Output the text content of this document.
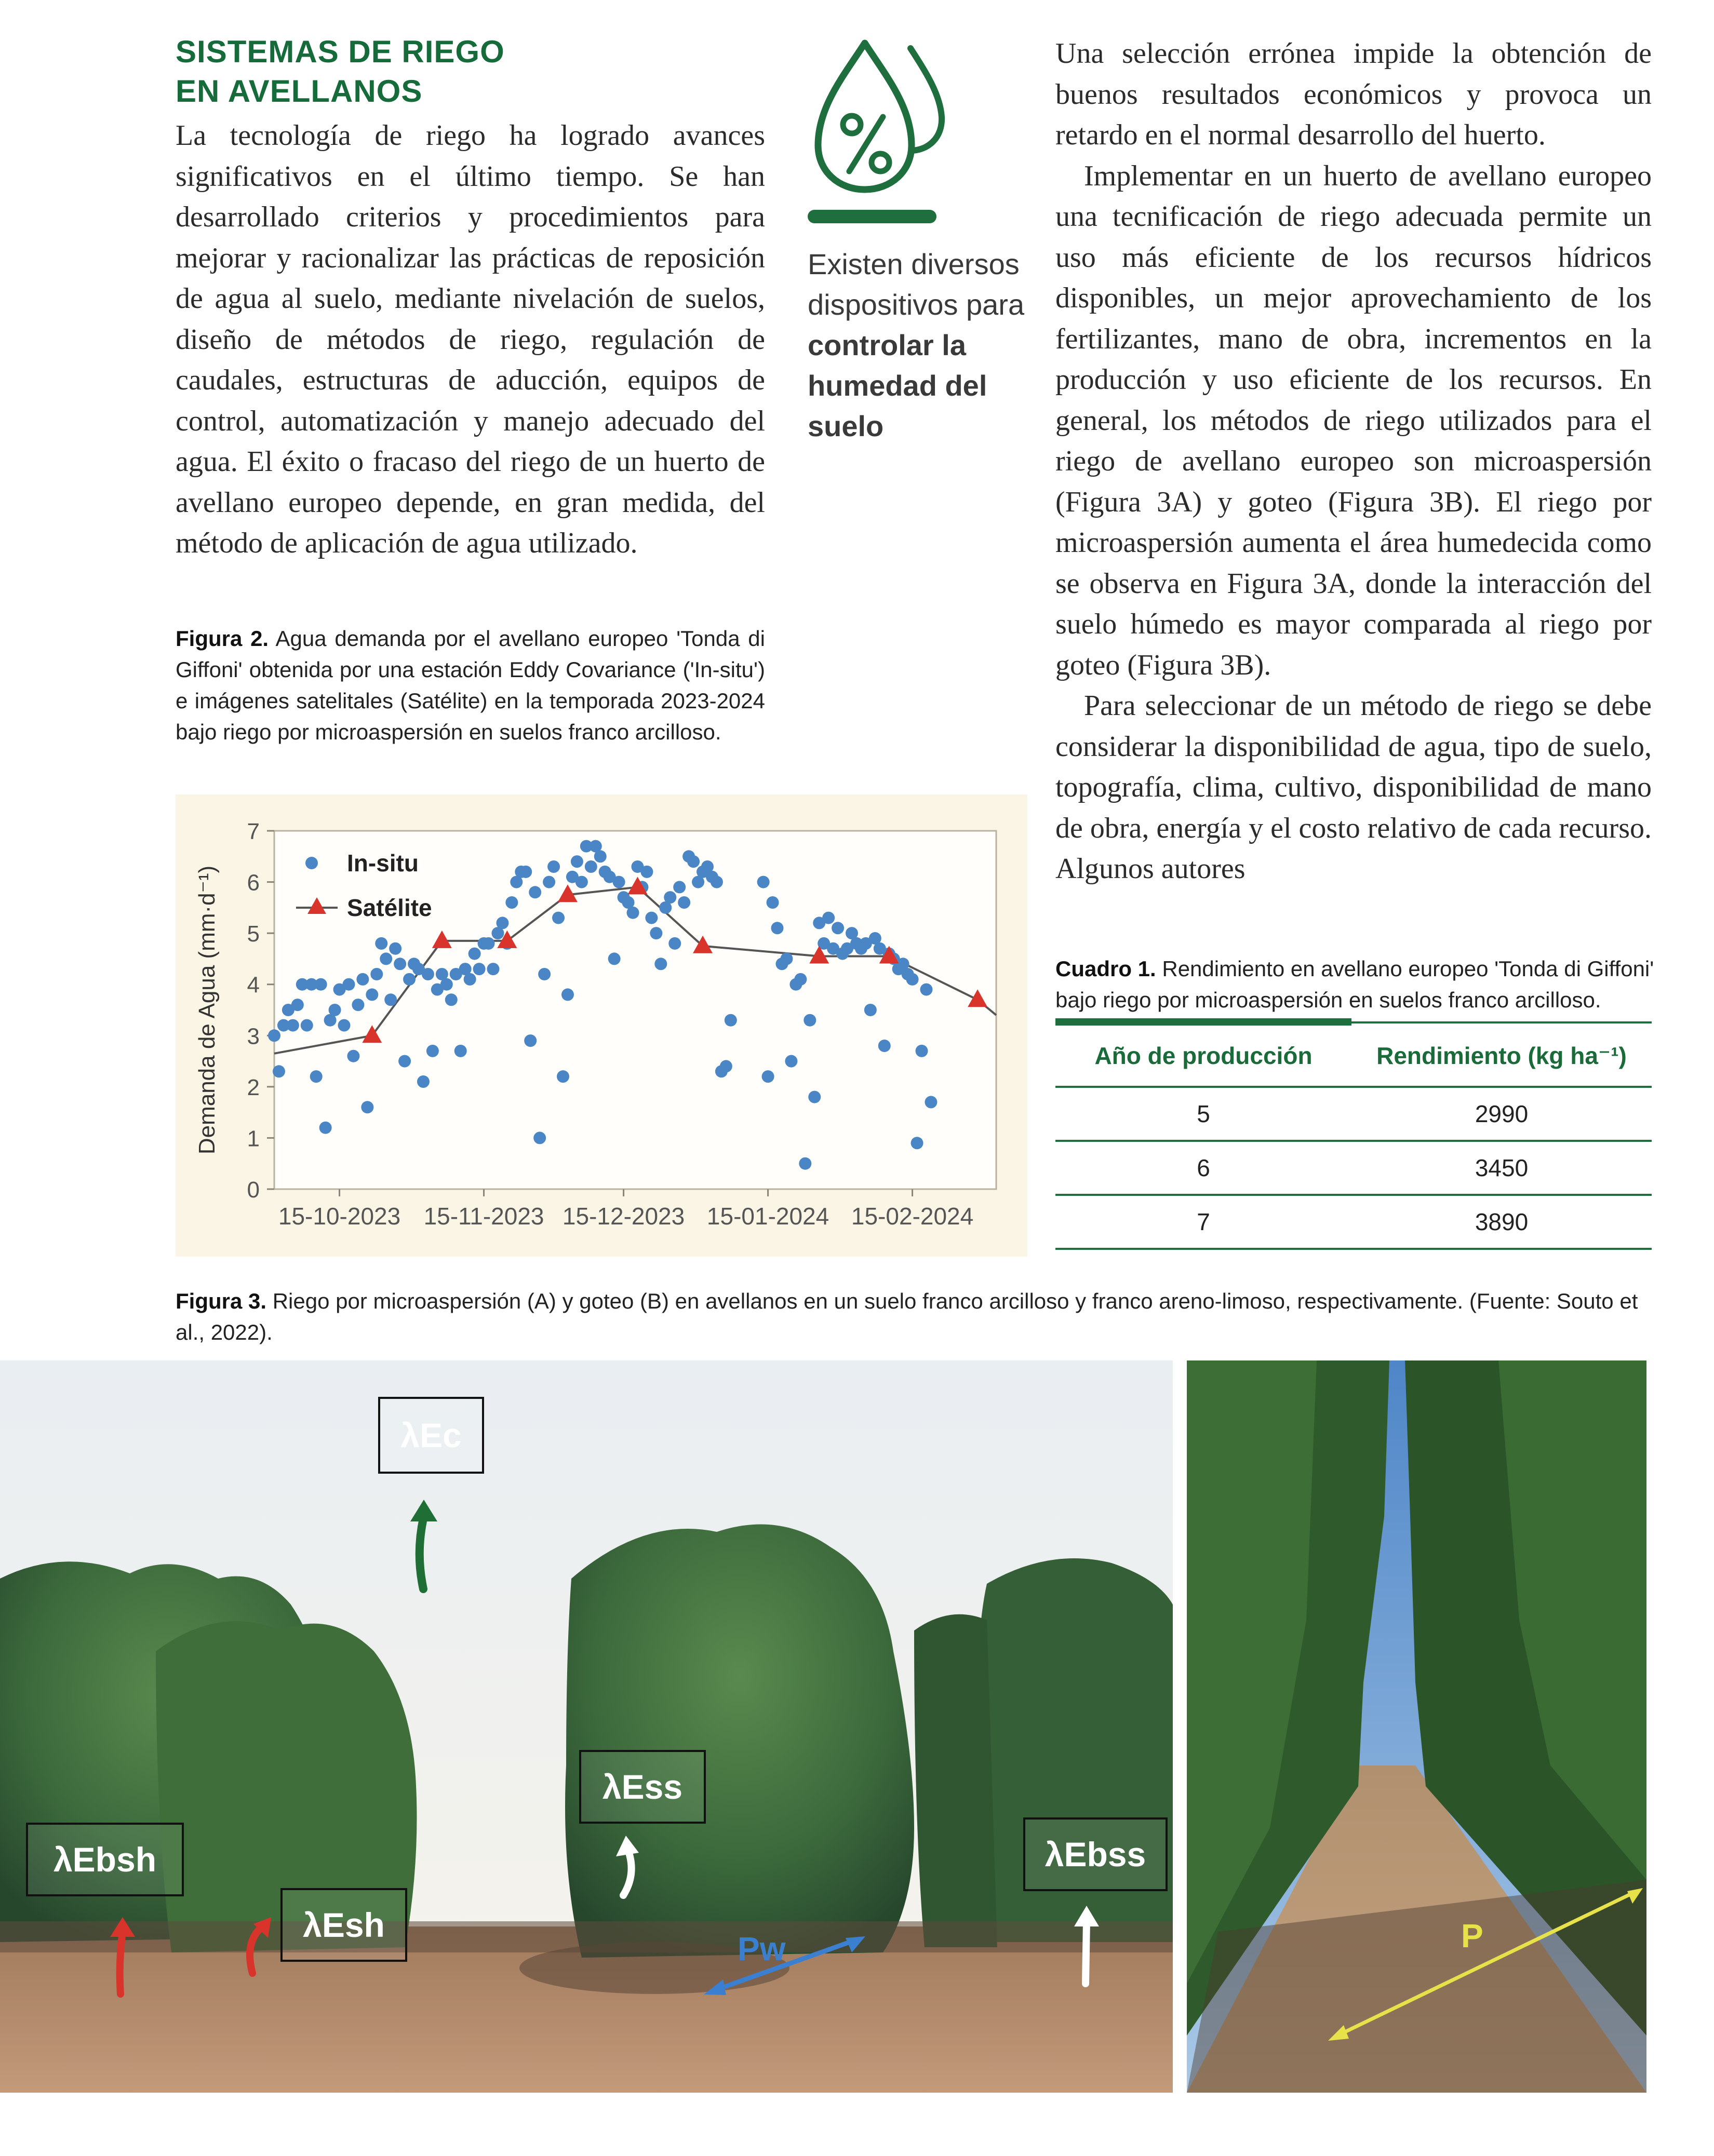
SISTEMAS DE RIEGO
EN AVELLANOS

La tecnología de riego ha logrado avances significativos en el último tiempo. Se han desarrollado criterios y procedimientos para mejorar y racionalizar las prácticas de reposición de agua al suelo, mediante nivelación de suelos, diseño de métodos de riego, regulación de caudales, estructuras de aducción, equipos de control, automatización y manejo adecuado del agua. El éxito o fracaso del riego de un huerto de avellano europeo depende, en gran medida, del método de aplicación de agua utilizado.

Existen diversos dispositivos para controlar la humedad del suelo

Una selección errónea impide la obtención de buenos resultados económicos y provoca un retardo en el normal desarrollo del huerto.

Implementar en un huerto de avellano europeo una tecnificación de riego adecuada permite un uso más eficiente de los recursos hídricos disponibles, un mejor aprovechamiento de los fertilizantes, mano de obra, incrementos en la producción y uso eficiente de los recursos. En general, los métodos de riego utilizados para el riego de avellano europeo son microaspersión (Figura 3A) y goteo (Figura 3B). El riego por microaspersión aumenta el área humedecida como se observa en Figura 3A, donde la interacción del suelo húmedo es mayor comparada al riego por goteo (Figura 3B).

Para seleccionar de un método de riego se debe considerar la disponibilidad de agua, tipo de suelo, topografía, clima, cultivo, disponibilidad de mano de obra, energía y el costo relativo de cada recurso. Algunos autores

Figura 2. Agua demanda por el avellano europeo 'Tonda di Giffoni' obtenida por una estación Eddy Covariance ('In-situ') e imágenes satelitales (Satélite) en la temporada 2023-2024 bajo riego por microaspersión en suelos franco arcilloso.
0
1
2
3
4
5
6
7
15-10-2023 15-11-2023 15-12-2023 15-01-2024 15-02-2024
In-situ
Satélite
Demanda de Agua (mm·d⁻¹)	Cuadro 1. Rendimiento en avellano europeo 'Tonda di Giffoni' bajo riego por microaspersión en suelos franco arcilloso.
Año de producción	Rendimiento (kg ha⁻¹)
5	2990
6	3450
7	3890
Figura 3. Riego por microaspersión (A) y goteo (B) en avellanos en un suelo franco arcilloso y franco areno-limoso, respectivamente. (Fuente: Souto et al., 2022).
Pw
λEc
λEss
λEbsh
λEsh
λEbss
P
